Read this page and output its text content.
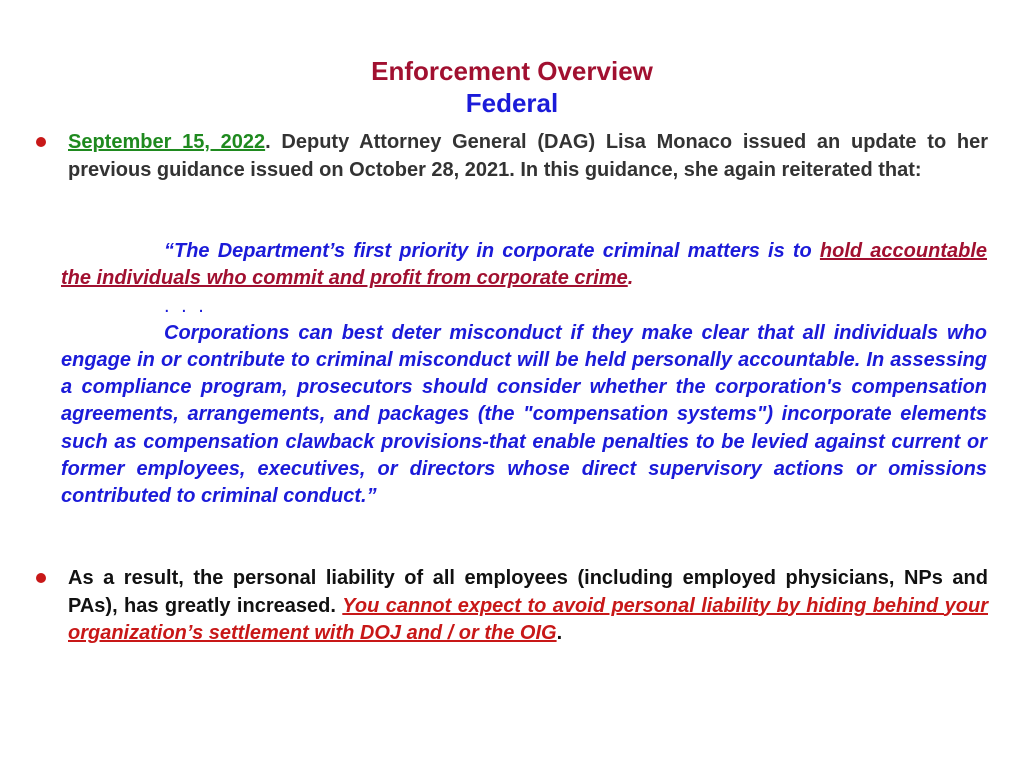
Enforcement Overview
Federal
September 15, 2022. Deputy Attorney General (DAG) Lisa Monaco issued an update to her previous guidance issued on October 28, 2021. In this guidance, she again reiterated that:
“The Department’s first priority in corporate criminal matters is to hold accountable the individuals who commit and profit from corporate crime.
. . .
Corporations can best deter misconduct if they make clear that all individuals who engage in or contribute to criminal misconduct will be held personally accountable. In assessing a compliance program, prosecutors should consider whether the corporation's compensation agreements, arrangements, and packages (the "compensation systems") incorporate elements such as compensation clawback provisions-that enable penalties to be levied against current or former employees, executives, or directors whose direct supervisory actions or omissions contributed to criminal conduct.”
As a result, the personal liability of all employees (including employed physicians, NPs and PAs), has greatly increased. You cannot expect to avoid personal liability by hiding behind your organization’s settlement with DOJ and / or the OIG.
